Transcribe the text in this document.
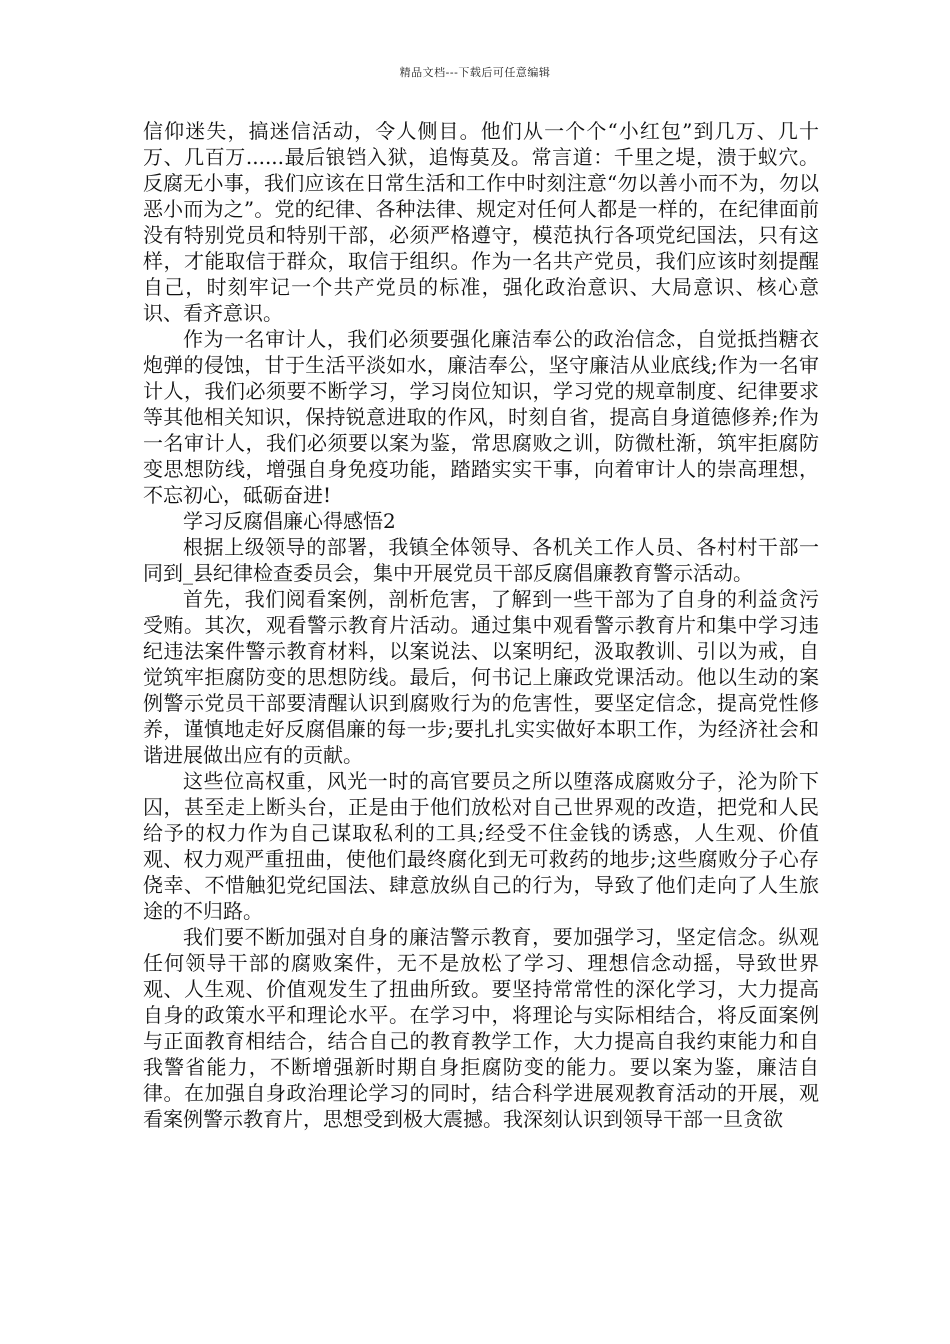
精品文档---下载后可任意编辑

信仰迷失，搞迷信活动，令人侧目。他们从一个个“小红包”到几万、几十万、几百万......最后锒铛入狱，追悔莫及。常言道：千里之堤，溃于蚁穴。反腐无小事，我们应该在日常生活和工作中时刻注意“勿以善小而不为，勿以恶小而为之”。党的纪律、各种法律、规定对任何人都是一样的，在纪律面前没有特别党员和特别干部，必须严格遵守，模范执行各项党纪国法，只有这样，才能取信于群众，取信于组织。作为一名共产党员，我们应该时刻提醒自己，时刻牢记一个共产党员的标准，强化政治意识、大局意识、核心意识、看齐意识。

作为一名审计人，我们必须要强化廉洁奉公的政治信念，自觉抵挡糖衣炮弹的侵蚀，甘于生活平淡如水，廉洁奉公，坚守廉洁从业底线;作为一名审计人，我们必须要不断学习，学习岗位知识，学习党的规章制度、纪律要求等其他相关知识，保持锐意进取的作风，时刻自省，提高自身道德修养;作为一名审计人，我们必须要以案为鉴，常思腐败之训，防微杜渐，筑牢拒腐防变思想防线，增强自身免疫功能，踏踏实实干事，向着审计人的崇高理想，不忘初心，砥砺奋进!

学习反腐倡廉心得感悟2

根据上级领导的部署，我镇全体领导、各机关工作人员、各村村干部一同到_县纪律检查委员会，集中开展党员干部反腐倡廉教育警示活动。

首先，我们阅看案例，剖析危害，了解到一些干部为了自身的利益贪污受贿。其次，观看警示教育片活动。通过集中观看警示教育片和集中学习违纪违法案件警示教育材料，以案说法、以案明纪，汲取教训、引以为戒，自觉筑牢拒腐防变的思想防线。最后，何书记上廉政党课活动。他以生动的案例警示党员干部要清醒认识到腐败行为的危害性，要坚定信念，提高党性修养，谨慎地走好反腐倡廉的每一步;要扎扎实实做好本职工作，为经济社会和谐进展做出应有的贡献。

这些位高权重，风光一时的高官要员之所以堕落成腐败分子，沦为阶下囚，甚至走上断头台，正是由于他们放松对自己世界观的改造，把党和人民给予的权力作为自己谋取私利的工具;经受不住金钱的诱惑，人生观、价值观、权力观严重扭曲，使他们最终腐化到无可救药的地步;这些腐败分子心存侥幸、不惜触犯党纪国法、肆意放纵自己的行为，导致了他们走向了人生旅途的不归路。

我们要不断加强对自身的廉洁警示教育，要加强学习，坚定信念。纵观任何领导干部的腐败案件，无不是放松了学习、理想信念动摇，导致世界观、人生观、价值观发生了扭曲所致。要坚持常常性的深化学习，大力提高自身的政策水平和理论水平。在学习中，将理论与实际相结合，将反面案例与正面教育相结合，结合自己的教育教学工作，大力提高自我约束能力和自我警省能力，不断增强新时期自身拒腐防变的能力。要以案为鉴，廉洁自律。在加强自身政治理论学习的同时，结合科学进展观教育活动的开展，观看案例警示教育片，思想受到极大震撼。我深刻认识到领导干部一旦贪欲
